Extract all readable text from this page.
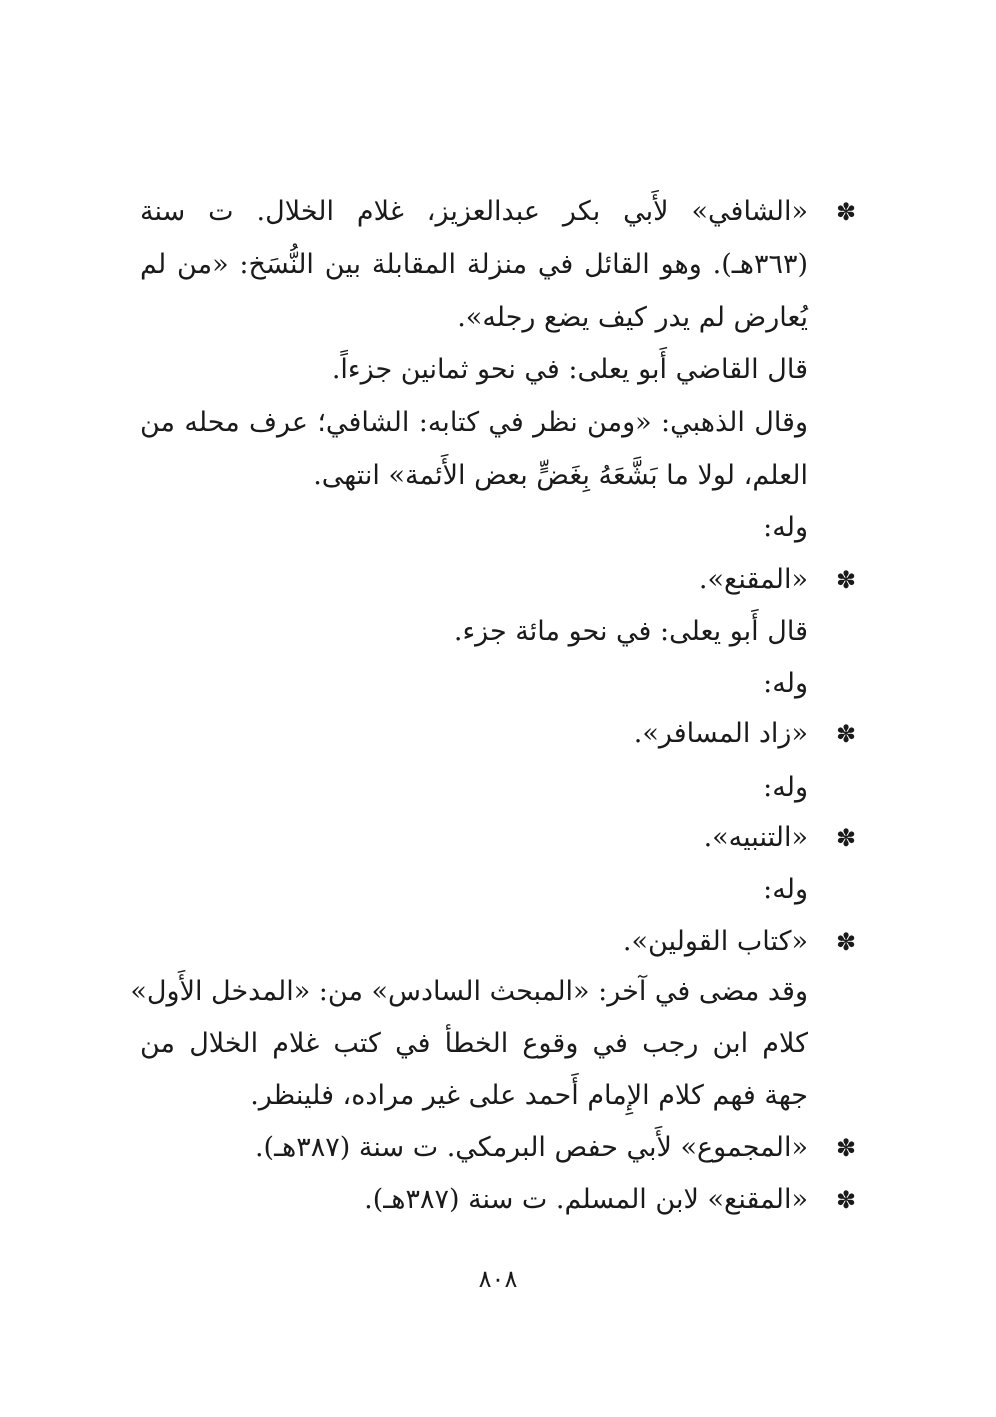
✽
«الشافي» لأَبي بكر عبدالعزيز، غلام الخلال. ت سنة
(٣٦٣هـ). وهو القائل في منزلة المقابلة بين النُّسَخ: «من لم
يُعارض لم يدر كيف يضع رجله».
قال القاضي أَبو يعلى: في نحو ثمانين جزءاً.
وقال الذهبي: «ومن نظر في كتابه: الشافي؛ عرف محله من
العلم، لولا ما بَشَّعَهُ بِغَضٍّ بعض الأَئمة» انتهى.
وله:
✽
«المقنع».
قال أَبو يعلى: في نحو مائة جزء.
وله:
✽
«زاد المسافر».
وله:
✽
«التنبيه».
وله:
✽
«كتاب القولين».
وقد مضى في آخر: «المبحث السادس» من: «المدخل الأَول»
كلام ابن رجب في وقوع الخطأ في كتب غلام الخلال من
جهة فهم كلام الإِمام أَحمد على غير مراده، فلينظر.
✽
«المجموع» لأَبي حفص البرمكي. ت سنة (٣٨٧هـ).
✽
«المقنع» لابن المسلم. ت سنة (٣٨٧هـ).
٨٠٨
